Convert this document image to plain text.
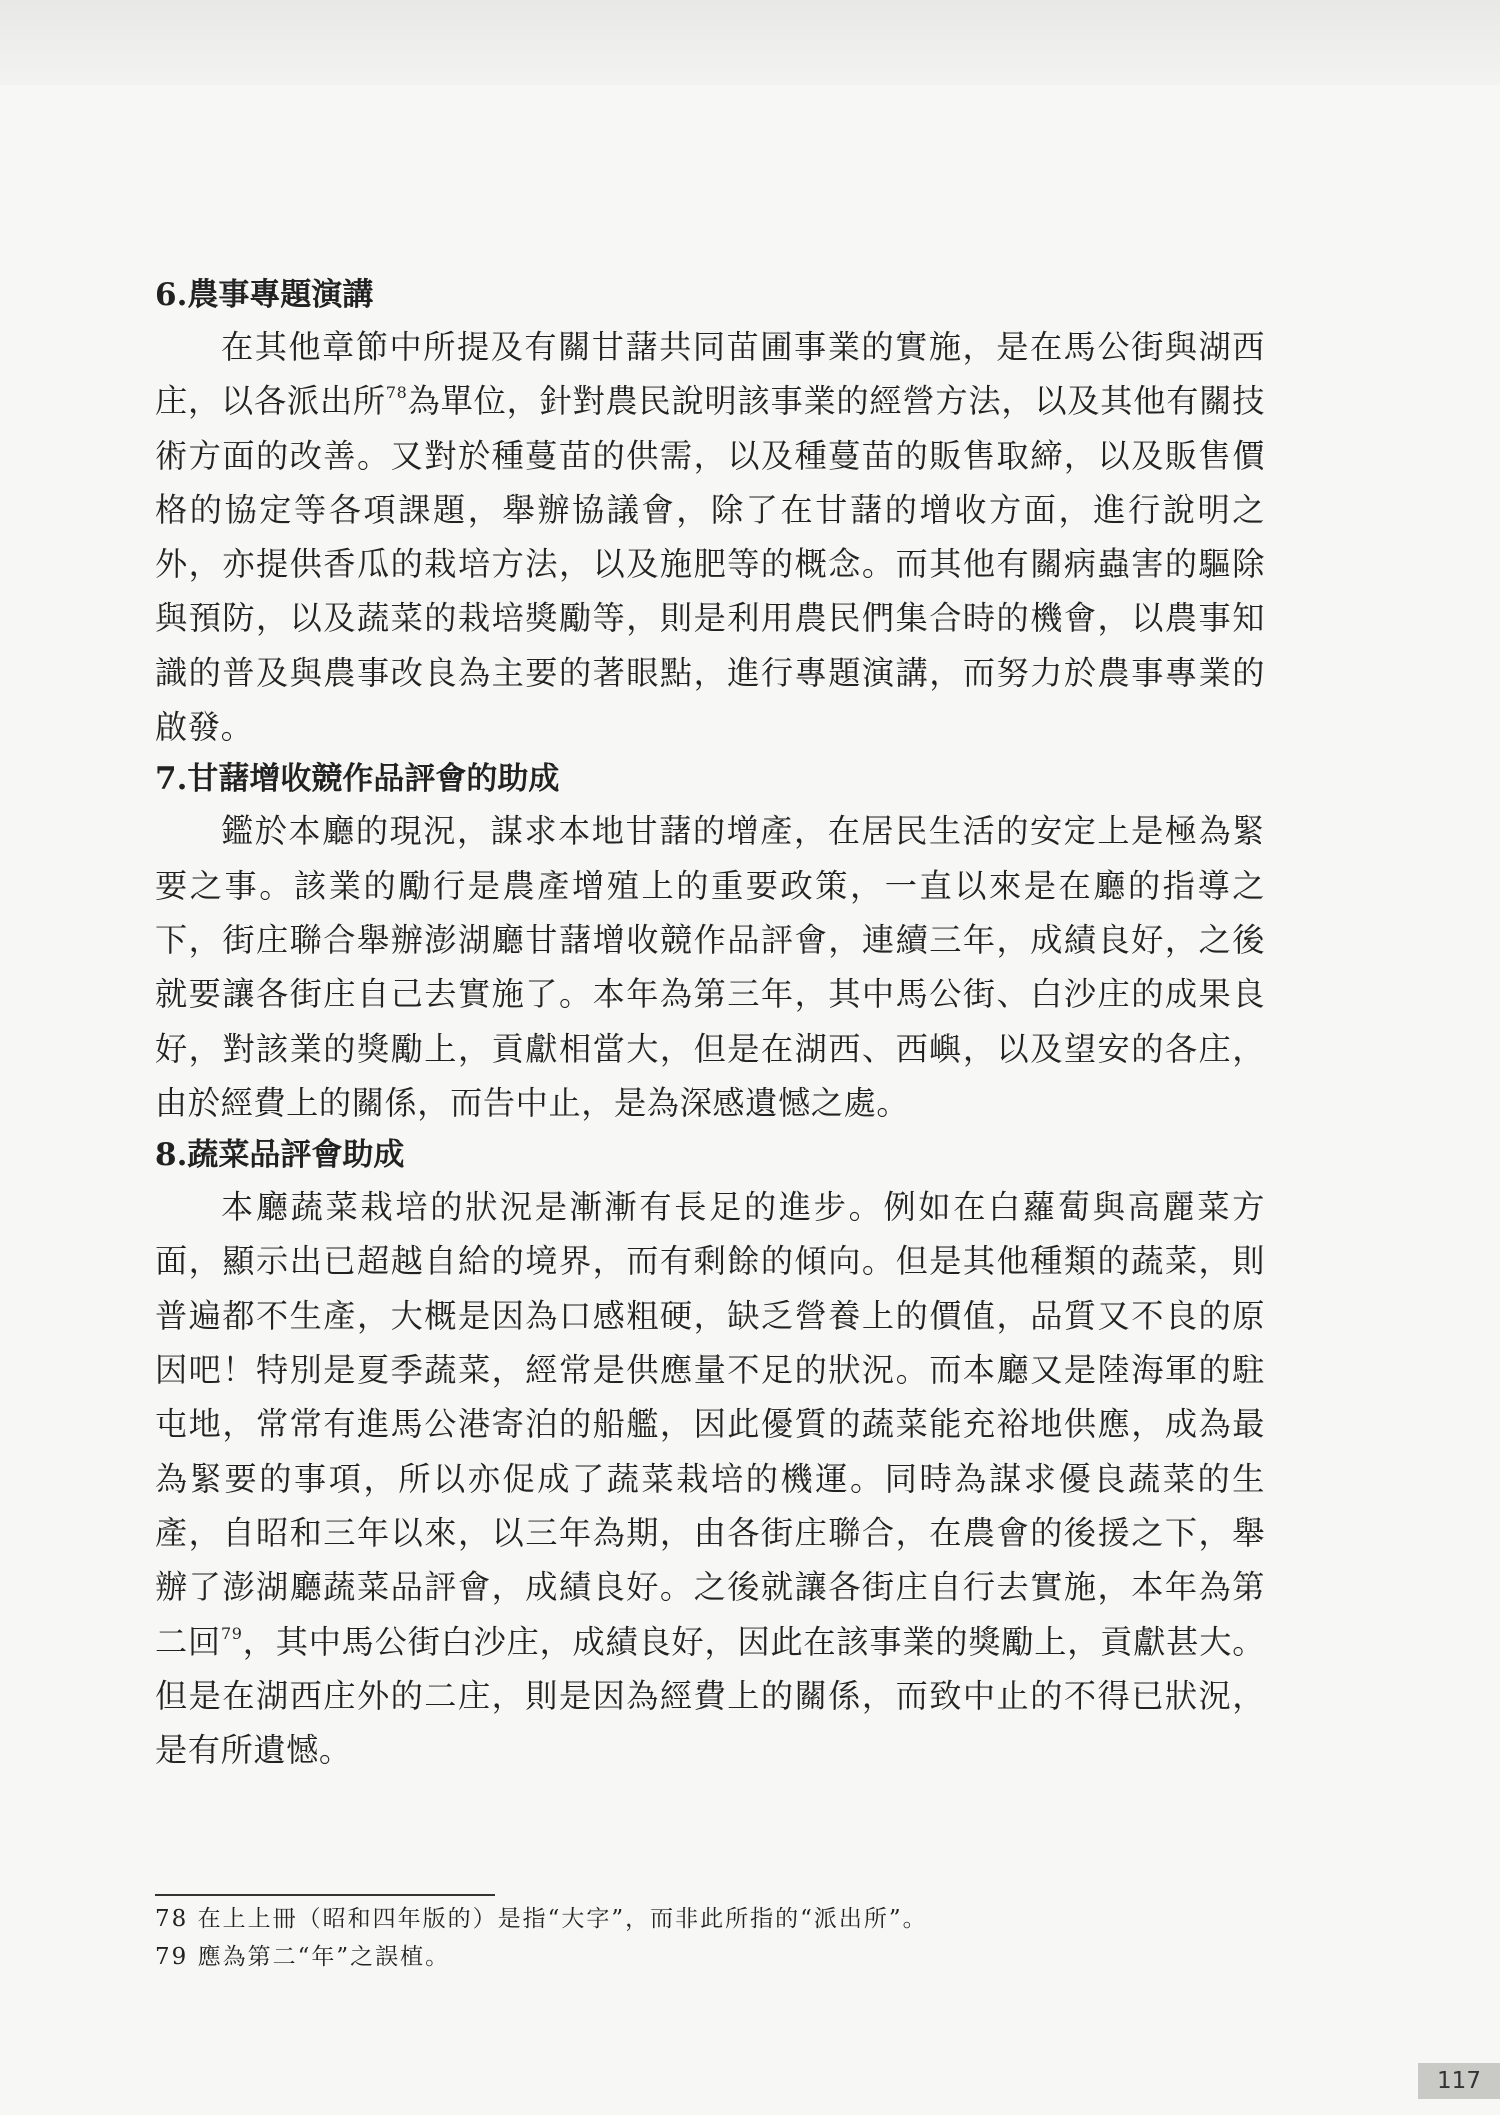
6.農事專題演講

在其他章節中所提及有關甘藷共同苗圃事業的實施，是在馬公街與湖西庄，以各派出所$^{78}$為單位，針對農民說明該事業的經營方法，以及其他有關技術方面的改善。又對於種蔓苗的供需，以及種蔓苗的販售取締，以及販售價格的協定等各項課題，舉辦協議會，除了在甘藷的增收方面，進行說明之外，亦提供香瓜的栽培方法，以及施肥等的概念。而其他有關病蟲害的驅除與預防，以及蔬菜的栽培獎勵等，則是利用農民們集合時的機會，以農事知識的普及與農事改良為主要的著眼點，進行專題演講，而努力於農事專業的啟發。

7.甘藷增收競作品評會的助成

鑑於本廳的現況，謀求本地甘藷的增產，在居民生活的安定上是極為緊要之事。該業的勵行是農產增殖上的重要政策，一直以來是在廳的指導之下，街庄聯合舉辦澎湖廳甘藷增收競作品評會，連續三年，成績良好，之後就要讓各街庄自己去實施了。本年為第三年，其中馬公街、白沙庄的成果良好，對該業的獎勵上，貢獻相當大，但是在湖西、西嶼，以及望安的各庄，由於經費上的關係，而告中止，是為深感遺憾之處。

8.蔬菜品評會助成

本廳蔬菜栽培的狀況是漸漸有長足的進步。例如在白蘿蔔與高麗菜方面，顯示出已超越自給的境界，而有剩餘的傾向。但是其他種類的蔬菜，則普遍都不生產，大概是因為口感粗硬，缺乏營養上的價值，品質又不良的原因吧！特別是夏季蔬菜，經常是供應量不足的狀況。而本廳又是陸海軍的駐屯地，常常有進馬公港寄泊的船艦，因此優質的蔬菜能充裕地供應，成為最為緊要的事項，所以亦促成了蔬菜栽培的機運。同時為謀求優良蔬菜的生產，自昭和三年以來，以三年為期，由各街庄聯合，在農會的後援之下，舉辦了澎湖廳蔬菜品評會，成績良好。之後就讓各街庄自行去實施，本年為第二回$^{79}$，其中馬公街白沙庄，成績良好，因此在該事業的獎勵上，貢獻甚大。但是在湖西庄外的二庄，則是因為經費上的關係，而致中止的不得已狀況，是有所遺憾。

78 在上上冊（昭和四年版的）是指“大字”，而非此所指的“派出所”。

79 應為第二“年”之誤植。

117
